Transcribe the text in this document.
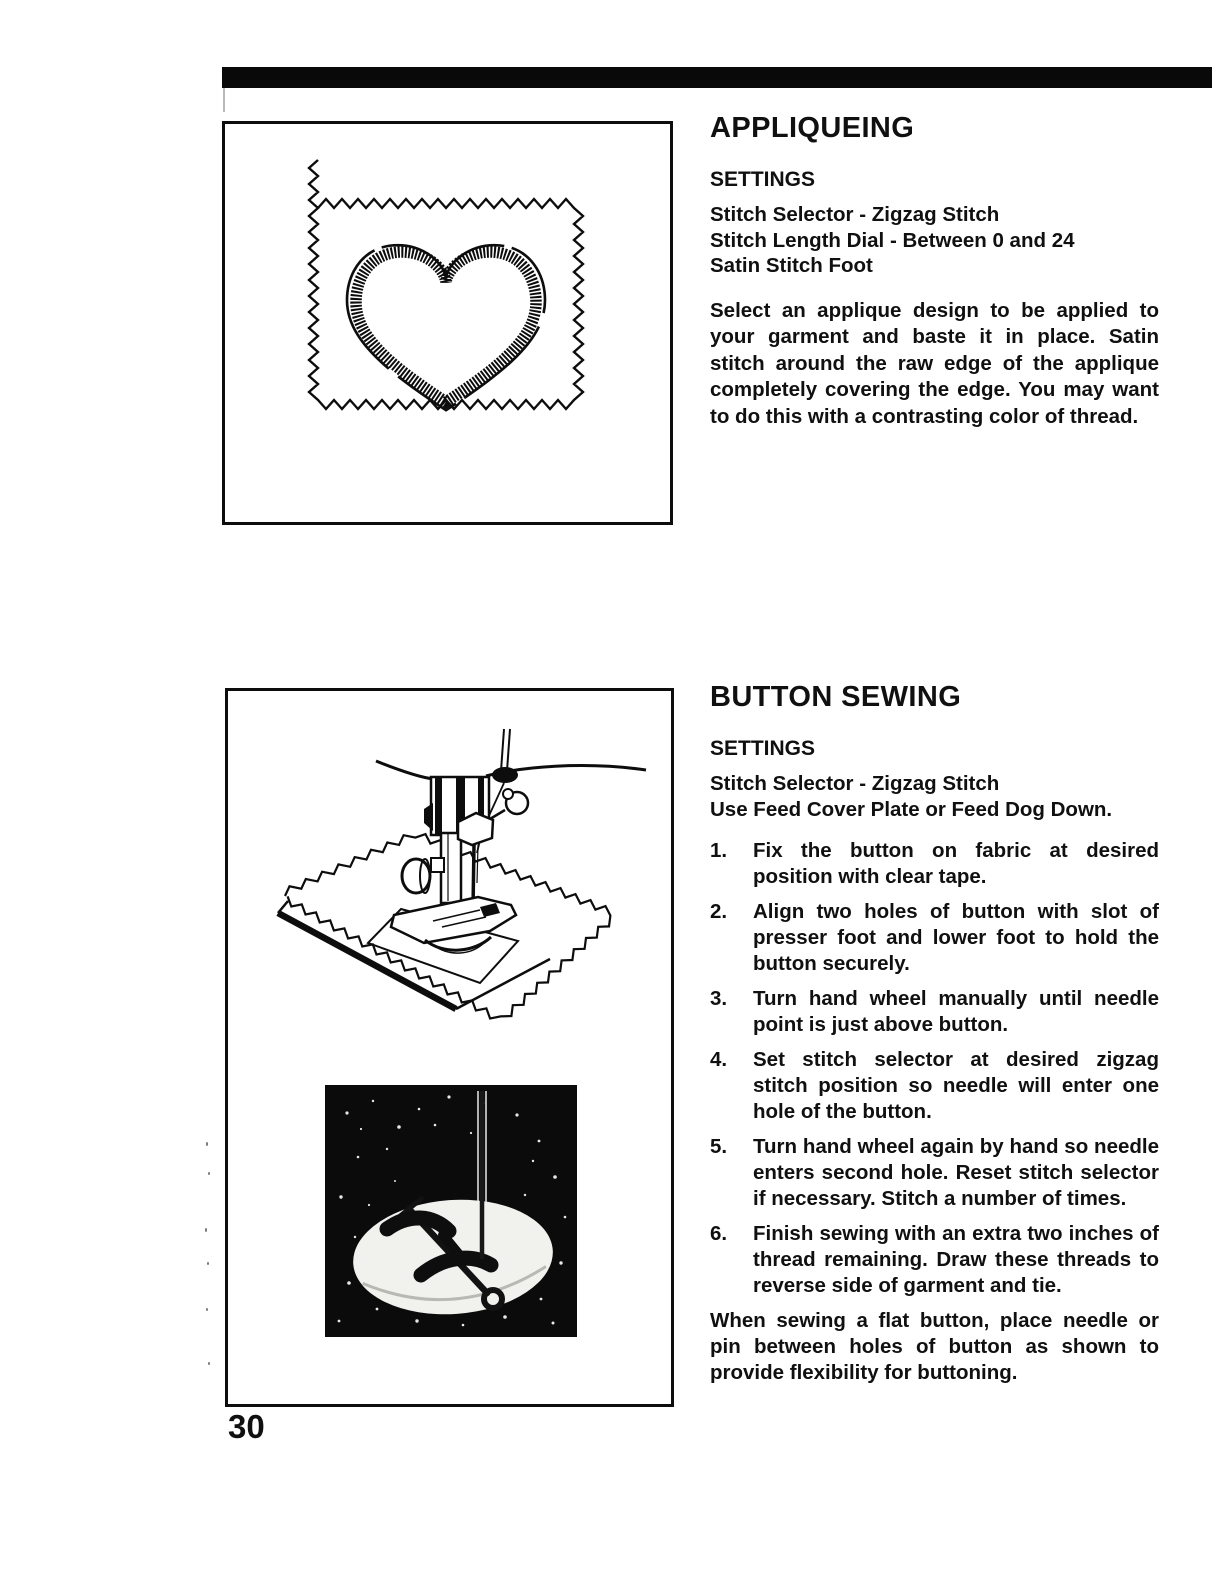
APPLIQUEING
SETTINGS
Stitch Selector - Zigzag Stitch
Stitch Length Dial - Between 0 and 24
Satin Stitch Foot

Select an applique design to be applied to your garment and baste it in place. Satin stitch around the raw edge of the applique completely covering the edge. You may want to do this with a contrasting color of thread.

BUTTON SEWING
SETTINGS
Stitch Selector - Zigzag Stitch
Use Feed Cover Plate or Feed Dog Down.
1.	Fix the button on fabric at desired position with clear tape.
2.	Align two holes of button with slot of presser foot and lower foot to hold the button securely.
3.	Turn hand wheel manually until needle point is just above button.
4.	Set stitch selector at desired zigzag stitch position so needle will enter one hole of the button.
5.	Turn hand wheel again by hand so needle enters second hole. Reset stitch selector if necessary. Stitch a number of times.
6.	Finish sewing with an extra two inches of thread remaining. Draw these threads to reverse side of garment and tie.

When sewing a flat button, place needle or pin between holes of button as shown to provide flexibility for buttoning.

30
